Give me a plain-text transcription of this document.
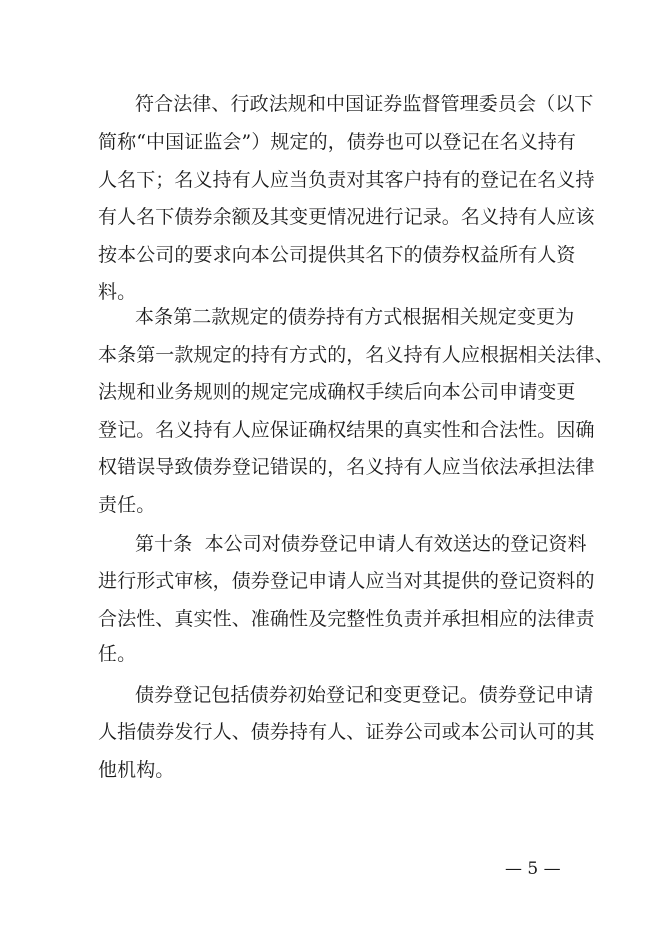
符合法律、行政法规和中国证券监督管理委员会（以下
简称“中国证监会”）规定的，债券也可以登记在名义持有
人名下；名义持有人应当负责对其客户持有的登记在名义持
有人名下债券余额及其变更情况进行记录。名义持有人应该
按本公司的要求向本公司提供其名下的债券权益所有人资
料。
本条第二款规定的债券持有方式根据相关规定变更为
本条第一款规定的持有方式的，名义持有人应根据相关法律、
法规和业务规则的规定完成确权手续后向本公司申请变更
登记。名义持有人应保证确权结果的真实性和合法性。因确
权错误导致债券登记错误的，名义持有人应当依法承担法律
责任。
第十条  本公司对债券登记申请人有效送达的登记资料
进行形式审核，债券登记申请人应当对其提供的登记资料的
合法性、真实性、准确性及完整性负责并承担相应的法律责
任。
债券登记包括债券初始登记和变更登记。债券登记申请
人指债券发行人、债券持有人、证券公司或本公司认可的其
他机构。
— 5 —
